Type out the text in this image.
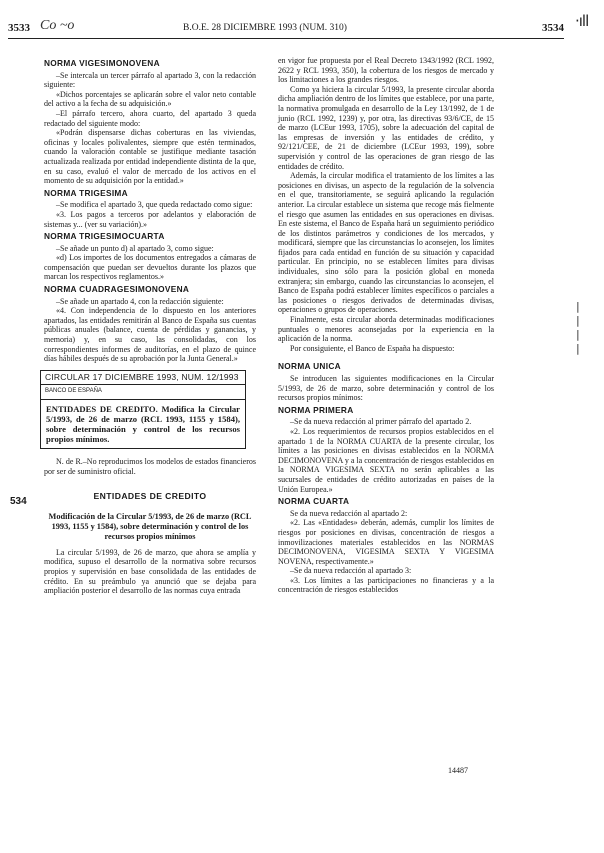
3533 Co ~o	B.O.E. 28 DICIEMBRE 1993 (NUM. 310)	3534 ·ıll
| | | |
534
NORMA VIGESIMONOVENA

–Se intercala un tercer párrafo al apartado 3, con la redacción siguiente:

«Dichos porcentajes se aplicarán sobre el valor neto contable del activo a la fecha de su adquisición.»

–El párrafo tercero, ahora cuarto, del apartado 3 queda redactado del siguiente modo:

«Podrán dispensarse dichas coberturas en las viviendas, oficinas y locales polivalentes, siempre que estén terminados, cuando la valoración contable se justifique mediante tasación actualizada realizada por entidad independiente distinta de la que, en su caso, evaluó el valor de mercado de los activos en el momento de su adquisición por la entidad.»

NORMA TRIGESIMA

–Se modifica el apartado 3, que queda redactado como sigue:

«3. Los pagos a terceros por adelantos y elaboración de sistemas y... (ver su variación).»

NORMA TRIGESIMOCUARTA

–Se añade un punto d) al apartado 3, como sigue:

«d) Los importes de los documentos entregados a cámaras de compensación que puedan ser devueltos durante los plazos que marcan los respectivos reglamentos.»

NORMA CUADRAGESIMONOVENA

–Se añade un apartado 4, con la redacción siguiente:

«4. Con independencia de lo dispuesto en los anteriores apartados, las entidades remitirán al Banco de España sus cuentas públicas anuales (balance, cuenta de pérdidas y ganancias, y memoria) y, en su caso, las consolidadas, con los correspondientes informes de auditorías, en el plazo de quince días hábiles después de su aprobación por la Junta General.»

CIRCULAR 17 DICIEMBRE 1993, NUM. 12/1993
BANCO DE ESPAÑA
ENTIDADES DE CREDITO. Modifica la Circular 5/1993, de 26 de marzo (RCL 1993, 1155 y 1584), sobre determinación y control de los recursos propios mínimos.

N. de R.–No reproducimos los modelos de estados financieros por ser de suministro oficial.

ENTIDADES DE CREDITO
Modificación de la Circular 5/1993, de 26 de marzo (RCL 1993, 1155 y 1584), sobre determinación y control de los recursos propios mínimos

La circular 5/1993, de 26 de marzo, que ahora se amplía y modifica, supuso el desarrollo de la normativa sobre recursos propios y supervisión en base consolidada de las entidades de crédito. En su preámbulo ya anunció que se dejaba para ampliación posterior el desarrollo de las normas cuya entrada

en vigor fue propuesta por el Real Decreto 1343/1992 (RCL 1992, 2622 y RCL 1993, 350), la cobertura de los riesgos de mercado y los limitaciones a los grandes riesgos.

Como ya hiciera la circular 5/1993, la presente circular aborda dicha ampliación dentro de los límites que establece, por una parte, la normativa promulgada en desarrollo de la Ley 13/1992, de 1 de junio (RCL 1992, 1239) y, por otra, las directivas 93/6/CE, de 15 de marzo (LCEur 1993, 1705), sobre la adecuación del capital de las empresas de inversión y las entidades de crédito, y 92/121/CEE, de 21 de diciembre (LCEur 1993, 199), sobre supervisión y control de las operaciones de gran riesgo de las entidades de crédito.

Además, la circular modifica el tratamiento de los límites a las posiciones en divisas, un aspecto de la regulación de la solvencia en el que, transitoriamente, se seguirá aplicando la regulación anterior. La circular establece un sistema que recoge más fielmente el riesgo que asumen las entidades en sus operaciones en divisas. En este sistema, el Banco de España hará un seguimiento periódico de los distintos parámetros y condiciones de los mercados, y modificará, siempre que las circunstancias lo aconsejen, los límites fijados para cada entidad en función de su situación y capacidad particular. En principio, no se establecen límites para divisas individuales, sino sólo para la posición global en moneda extranjera; sin embargo, cuando las circunstancias lo aconsejen, el Banco de España podrá establecer límites específicos o parciales a las posiciones o riesgos derivados de determinadas divisas, operaciones o grupos de operaciones.

Finalmente, esta circular aborda determinadas modificaciones puntuales o menores aconsejadas por la experiencia en la aplicación de la norma.

Por consiguiente, el Banco de España ha dispuesto:

NORMA UNICA

Se introducen las siguientes modificaciones en la Circular 5/1993, de 26 de marzo, sobre determinación y control de los recursos propios mínimos:

NORMA PRIMERA

–Se da nueva redacción al primer párrafo del apartado 2.

«2. Los requerimientos de recursos propios establecidos en el apartado 1 de la NORMA CUARTA de la presente circular, los límites a las posiciones en divisas establecidos en la NORMA DECIMONOVENA y a la concentración de riesgos establecidos en la NORMA VIGESIMA SEXTA no serán aplicables a las sucursales de entidades de crédito autorizadas en países de la Unión Europea.»

NORMA CUARTA

Se da nueva redacción al apartado 2:

«2. Las «Entidades» deberán, además, cumplir los límites de riesgos por posiciones en divisas, concentración de riesgos a inmovilizaciones materiales establecidos en las NORMAS DECIMONOVENA, VIGESIMA SEXTA Y VIGESIMA NOVENA, respectivamente.»

–Se da nueva redacción al apartado 3:

«3. Los límites a las participaciones no financieras y a la concentración de riesgos establecidos

14487
